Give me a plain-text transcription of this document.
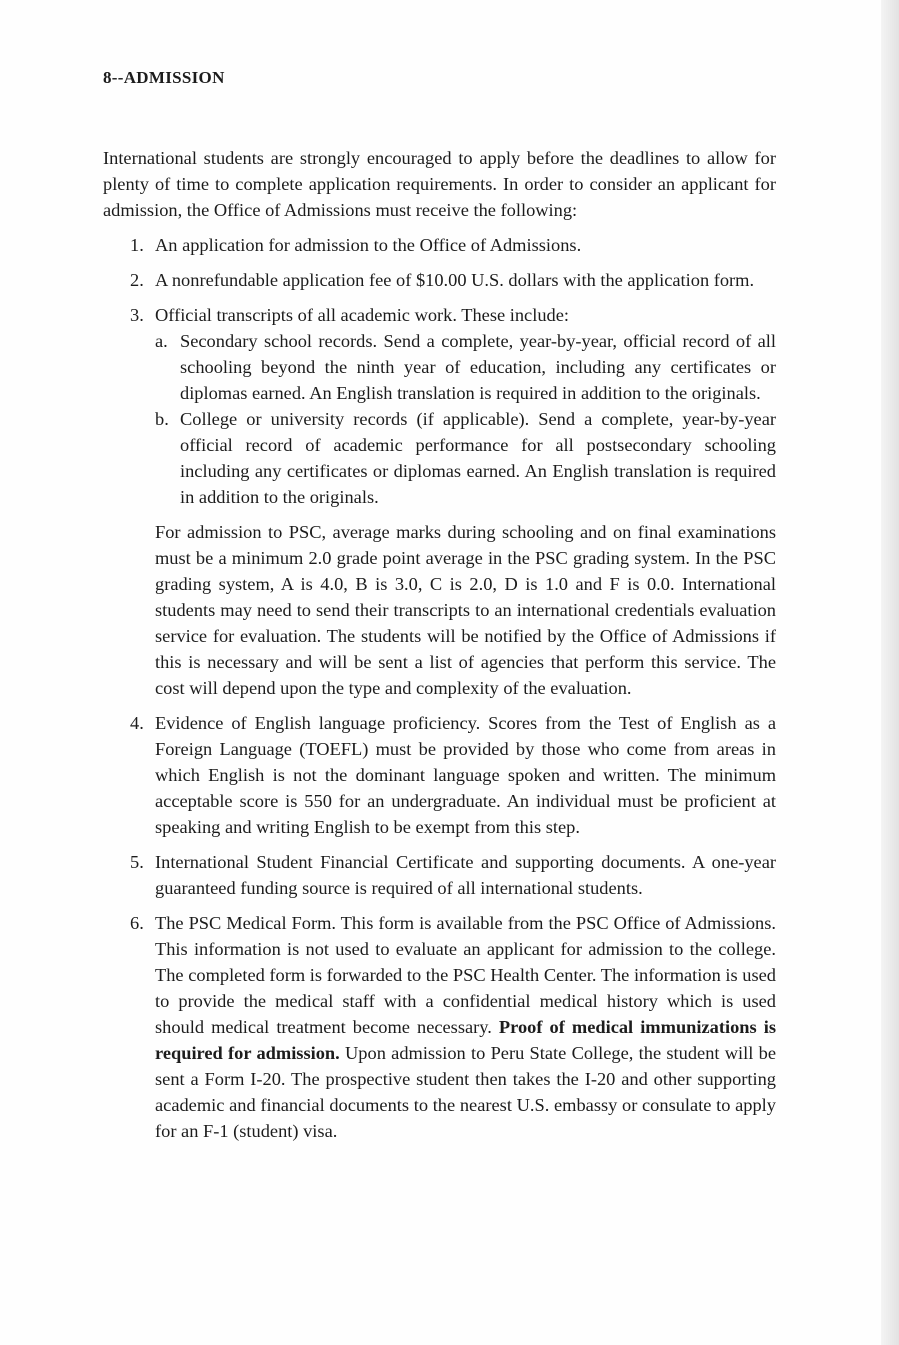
8--ADMISSION

International students are strongly encouraged to apply before the deadlines to allow for plenty of time to complete application requirements. In order to consider an applicant for admission, the Office of Admissions must receive the following:

1. An application for admission to the Office of Admissions.
2. A nonrefundable application fee of $10.00 U.S. dollars with the application form.
3. Official transcripts of all academic work. These include:
a. Secondary school records. Send a complete, year-by-year, official record of all schooling beyond the ninth year of education, including any certificates or diplomas earned. An English translation is required in addition to the originals.
b. College or university records (if applicable). Send a complete, year-by-year official record of academic performance for all postsecondary schooling including any certificates or diplomas earned. An English translation is required in addition to the originals.

For admission to PSC, average marks during schooling and on final examinations must be a minimum 2.0 grade point average in the PSC grading system. In the PSC grading system, A is 4.0, B is 3.0, C is 2.0, D is 1.0 and F is 0.0. International students may need to send their transcripts to an international credentials evaluation service for evaluation. The students will be notified by the Office of Admissions if this is necessary and will be sent a list of agencies that perform this service. The cost will depend upon the type and complexity of the evaluation.

4. Evidence of English language proficiency. Scores from the Test of English as a Foreign Language (TOEFL) must be provided by those who come from areas in which English is not the dominant language spoken and written. The minimum acceptable score is 550 for an undergraduate. An individual must be proficient at speaking and writing English to be exempt from this step.
5. International Student Financial Certificate and supporting documents. A one-year guaranteed funding source is required of all international students.
6. The PSC Medical Form. This form is available from the PSC Office of Admissions. This information is not used to evaluate an applicant for admission to the college. The completed form is forwarded to the PSC Health Center. The information is used to provide the medical staff with a confidential medical history which is used should medical treatment become necessary. Proof of medical immunizations is required for admission. Upon admission to Peru State College, the student will be sent a Form I-20. The prospective student then takes the I-20 and other supporting academic and financial documents to the nearest U.S. embassy or consulate to apply for an F-1 (student) visa.
